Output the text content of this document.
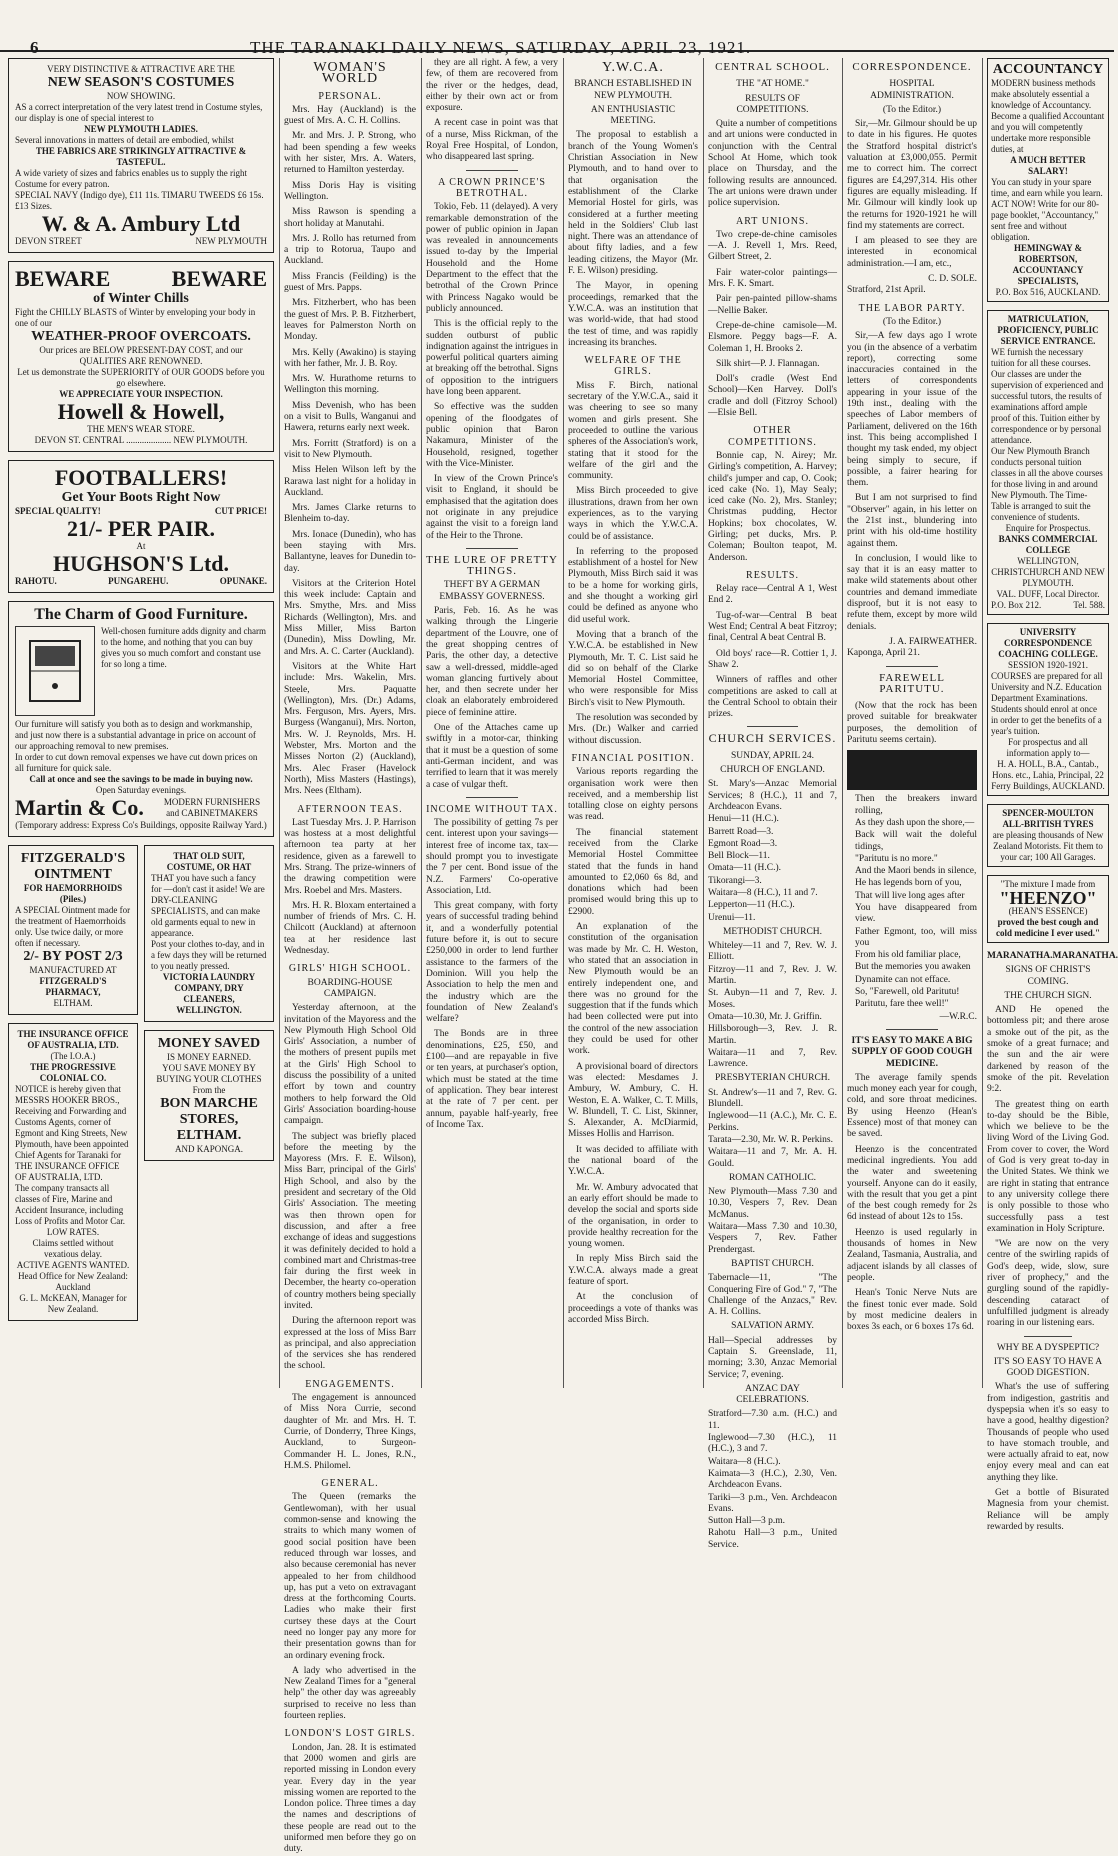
6	THE TARANAKI DAILY NEWS, SATURDAY, APRIL 23, 1921.
VERY DISTINCTIVE & ATTRACTIVE ARE THE
NEW SEASON'S COSTUMES
NOW SHOWING.
AS a correct interpretation of the very latest trend in Costume styles, our display is one of special interest to
NEW PLYMOUTH LADIES.
Several innovations in matters of detail are embodied, whilst
THE FABRICS ARE STRIKINGLY ATTRACTIVE & TASTEFUL.
A wide variety of sizes and fabrics enables us to supply the right Costume for every patron.
SPECIAL NAVY (Indigo dye), £11 11s. TIMARU TWEEDS £6 15s. £13 Sizes.
W. & A. Ambury Ltd
DEVON STREET	NEW PLYMOUTH
BEWARE	BEWARE
of Winter Chills
Fight the CHILLY BLASTS of Winter by enveloping your body in one of our
WEATHER-PROOF OVERCOATS.
Our prices are BELOW PRESENT-DAY COST, and our QUALITIES ARE RENOWNED.
Let us demonstrate the SUPERIORITY of OUR GOODS before you go elsewhere.
WE APPRECIATE YOUR INSPECTION.
Howell & Howell,
THE MEN'S WEAR STORE.
DEVON ST. CENTRAL .................... NEW PLYMOUTH.
FOOTBALLERS!
Get Your Boots Right Now
SPECIAL QUALITY!	CUT PRICE!
21/- PER PAIR.
At
HUGHSON'S Ltd.
RAHOTU.	PUNGAREHU.	OPUNAKE.
The Charm of Good Furniture.
Well-chosen furniture adds dignity and charm to the home, and nothing that you can buy gives you so much comfort and constant use for so long a time.
Our furniture will satisfy you both as to design and workmanship, and just now there is a substantial advantage in price on account of our approaching removal to new premises.
In order to cut down removal expenses we have cut down prices on all furniture for quick sale.
Call at once and see the savings to be made in buying now.
Open Saturday evenings.
Martin & Co.	MODERN FURNISHERS and CABINETMAKERS
(Temporary address: Express Co's Buildings, opposite Railway Yard.)
FITZGERALD'S OINTMENT
FOR HAEMORRHOIDS (Piles.)
A SPECIAL Ointment made for the treatment of Haemorrhoids only. Use twice daily, or more often if necessary.
2/- BY POST 2/3
MANUFACTURED AT
FITZGERALD'S PHARMACY,
ELTHAM.
THE INSURANCE OFFICE OF AUSTRALIA, LTD.
(The I.O.A.)
THE PROGRESSIVE COLONIAL CO.
NOTICE is hereby given that MESSRS HOOKER BROS., Receiving and Forwarding and Customs Agents, corner of Egmont and King Streets, New Plymouth, have been appointed Chief Agents for Taranaki for THE INSURANCE OFFICE OF AUSTRALIA, LTD.
The company transacts all classes of Fire, Marine and Accident Insurance, including Loss of Profits and Motor Car.
LOW RATES.
Claims settled without vexatious delay.
ACTIVE AGENTS WANTED.
Head Office for New Zealand: Auckland
G. L. McKEAN, Manager for New Zealand.
THAT OLD SUIT, COSTUME, OR HAT
THAT you have such a fancy for —don't cast it aside! We are DRY-CLEANING SPECIALISTS, and can make old garments equal to new in appearance.
Post your clothes to-day, and in a few days they will be returned to you neatly pressed.
VICTORIA LAUNDRY COMPANY, DRY CLEANERS, WELLINGTON.
MONEY SAVED
IS MONEY EARNED.
YOU SAVE MONEY BY BUYING YOUR CLOTHES From the
BON MARCHE STORES,
ELTHAM.
AND KAPONGA.
WOMAN'S WORLD
PERSONAL.

Mrs. Hay (Auckland) is the guest of Mrs. A. C. H. Collins.

Mr. and Mrs. J. P. Strong, who had been spending a few weeks with her sister, Mrs. A. Waters, returned to Hamilton yesterday.

Miss Doris Hay is visiting Wellington.

Miss Rawson is spending a short holiday at Manutahi.

Mrs. J. Rollo has returned from a trip to Rotorua, Taupo and Auckland.

Miss Francis (Feilding) is the guest of Mrs. Papps.

Mrs. Fitzherbert, who has been the guest of Mrs. P. B. Fitzherbert, leaves for Palmerston North on Monday.

Mrs. Kelly (Awakino) is staying with her father, Mr. J. B. Roy.

Mrs. W. Hurathome returns to Wellington this morning.

Miss Devenish, who has been on a visit to Bulls, Wanganui and Hawera, returns early next week.

Mrs. Forritt (Stratford) is on a visit to New Plymouth.

Miss Helen Wilson left by the Rarawa last night for a holiday in Auckland.

Mrs. James Clarke returns to Blenheim to-day.

Mrs. Ionace (Dunedin), who has been staying with Mrs. Ballantyne, leaves for Dunedin to-day.

Visitors at the Criterion Hotel this week include: Captain and Mrs. Smythe, Mrs. and Miss Richards (Wellington), Mrs. and Miss Miller, Miss Barton (Dunedin), Miss Dowling, Mr. and Mrs. A. C. Carter (Auckland).

Visitors at the White Hart include: Mrs. Wakelin, Mrs. Steele, Mrs. Paquatte (Wellington), Mrs. (Dr.) Adams, Mrs. Ferguson, Mrs. Ayers, Mrs. Burgess (Wanganui), Mrs. Norton, Mrs. W. J. Reynolds, Mrs. H. Webster, Mrs. Morton and the Misses Norton (2) (Auckland), Mrs. Alec Fraser (Havelock North), Miss Masters (Hastings), Mrs. Nees (Eltham).

AFTERNOON TEAS.

Last Tuesday Mrs. J. P. Harrison was hostess at a most delightful afternoon tea party at her residence, given as a farewell to Mrs. Strang. The prize-winners of the drawing competition were Mrs. Roebel and Mrs. Masters.

Mrs. H. R. Bloxam entertained a number of friends of Mrs. C. H. Chilcott (Auckland) at afternoon tea at her residence last Wednesday.

GIRLS' HIGH SCHOOL.
BOARDING-HOUSE CAMPAIGN.

Yesterday afternoon, at the invitation of the Mayoress and the New Plymouth High School Old Girls' Association, a number of the mothers of present pupils met at the Girls' High School to discuss the possibility of a united effort by town and country mothers to help forward the Old Girls' Association boarding-house campaign.

The subject was briefly placed before the meeting by the Mayoress (Mrs. F. E. Wilson), Miss Barr, principal of the Girls' High School, and also by the president and secretary of the Old Girls' Association. The meeting was then thrown open for discussion, and after a free exchange of ideas and suggestions it was definitely decided to hold a combined mart and Christmas-tree fair during the first week in December, the hearty co-operation of country mothers being specially invited.

During the afternoon report was expressed at the loss of Miss Barr as principal, and also appreciation of the services she has rendered the school.

ENGAGEMENTS.

The engagement is announced of Miss Nora Currie, second daughter of Mr. and Mrs. H. T. Currie, of Donderry, Three Kings, Auckland, to Surgeon-Commander H. L. Jones, R.N., H.M.S. Philomel.

GENERAL.

The Queen (remarks the Gentlewoman), with her usual common-sense and knowing the straits to which many women of good social position have been reduced through war losses, and also because ceremonial has never appealed to her from childhood up, has put a veto on extravagant dress at the forthcoming Courts. Ladies who make their first curtsey these days at the Court need no longer pay any more for their presentation gowns than for an ordinary evening frock.

A lady who advertised in the New Zealand Times for a "general help" the other day was agreeably surprised to receive no less than fourteen replies.

LONDON'S LOST GIRLS.

London, Jan. 28. It is estimated that 2000 women and girls are reported missing in London every year. Every day in the year missing women are reported to the London police. Three times a day the names and descriptions of these people are read out to the uniformed men before they go on duty.

they are all right. A few, a very few, of them are recovered from the river or the hedges, dead, either by their own act or from exposure.

A recent case in point was that of a nurse, Miss Rickman, of the Royal Free Hospital, of London, who disappeared last spring.

A CROWN PRINCE'S BETROTHAL.

Tokio, Feb. 11 (delayed). A very remarkable demonstration of the power of public opinion in Japan was revealed in announcements issued to-day by the Imperial Household and the Home Department to the effect that the betrothal of the Crown Prince with Princess Nagako would be publicly announced.

This is the official reply to the sudden outburst of public indignation against the intrigues in powerful political quarters aiming at breaking off the betrothal. Signs of opposition to the intriguers have long been apparent.

So effective was the sudden opening of the floodgates of public opinion that Baron Nakamura, Minister of the Household, resigned, together with the Vice-Minister.

In view of the Crown Prince's visit to England, it should be emphasised that the agitation does not originate in any prejudice against the visit to a foreign land of the Heir to the Throne.

THE LURE OF PRETTY THINGS.
THEFT BY A GERMAN EMBASSY GOVERNESS.

Paris, Feb. 16. As he was walking through the Lingerie department of the Louvre, one of the great shopping centres of Paris, the other day, a detective saw a well-dressed, middle-aged woman glancing furtively about her, and then secrete under her cloak an elaborately embroidered piece of feminine attire.

One of the Attaches came up swiftly in a motor-car, thinking that it must be a question of some anti-German incident, and was terrified to learn that it was merely a case of vulgar theft.

INCOME WITHOUT TAX.

The possibility of getting 7s per cent. interest upon your savings—interest free of income tax, tax—should prompt you to investigate the 7 per cent. Bond issue of the N.Z. Farmers' Co-operative Association, Ltd.

This great company, with forty years of successful trading behind it, and a wonderfully potential future before it, is out to secure £250,000 in order to lend further assistance to the farmers of the Dominion. Will you help the Association to help the men and the industry which are the foundation of New Zealand's welfare?

The Bonds are in three denominations, £25, £50, and £100—and are repayable in five or ten years, at purchaser's option, which must be stated at the time of application. They bear interest at the rate of 7 per cent. per annum, payable half-yearly, free of Income Tax.

Y.W.C.A.
BRANCH ESTABLISHED IN NEW PLYMOUTH.
AN ENTHUSIASTIC MEETING.

The proposal to establish a branch of the Young Women's Christian Association in New Plymouth, and to hand over to that organisation the establishment of the Clarke Memorial Hostel for girls, was considered at a further meeting held in the Soldiers' Club last night. There was an attendance of about fifty ladies, and a few leading citizens, the Mayor (Mr. F. E. Wilson) presiding.

The Mayor, in opening proceedings, remarked that the Y.W.C.A. was an institution that was world-wide, that had stood the test of time, and was rapidly increasing its branches.

WELFARE OF THE GIRLS.

Miss F. Birch, national secretary of the Y.W.C.A., said it was cheering to see so many women and girls present. She proceeded to outline the various spheres of the Association's work, stating that it stood for the welfare of the girl and the community.

Miss Birch proceeded to give illustrations, drawn from her own experiences, as to the varying ways in which the Y.W.C.A. could be of assistance.

In referring to the proposed establishment of a hostel for New Plymouth, Miss Birch said it was to be a home for working girls, and she thought a working girl could be defined as anyone who did useful work.

Moving that a branch of the Y.W.C.A. be established in New Plymouth, Mr. T. C. List said he did so on behalf of the Clarke Memorial Hostel Committee, who were responsible for Miss Birch's visit to New Plymouth.

The resolution was seconded by Mrs. (Dr.) Walker and carried without discussion.

FINANCIAL POSITION.

Various reports regarding the organisation work were then received, and a membership list totalling close on eighty persons was read.

The financial statement received from the Clarke Memorial Hostel Committee stated that the funds in hand amounted to £2,060 6s 8d, and donations which had been promised would bring this up to £2900.

An explanation of the constitution of the organisation was made by Mr. C. H. Weston, who stated that an association in New Plymouth would be an entirely independent one, and there was no ground for the suggestion that if the funds which had been collected were put into the control of the new association they could be used for other work.

A provisional board of directors was elected: Mesdames J. Ambury, W. Ambury, C. H. Weston, E. A. Walker, C. T. Mills, W. Blundell, T. C. List, Skinner, S. Alexander, A. McDiarmid, Misses Hollis and Harrison.

It was decided to affiliate with the national board of the Y.W.C.A.

Mr. W. Ambury advocated that an early effort should be made to develop the social and sports side of the organisation, in order to provide healthy recreation for the young women.

In reply Miss Birch said the Y.W.C.A. always made a great feature of sport.

At the conclusion of proceedings a vote of thanks was accorded Miss Birch.

CENTRAL SCHOOL.
THE "AT HOME."
RESULTS OF COMPETITIONS.

Quite a number of competitions and art unions were conducted in conjunction with the Central School At Home, which took place on Thursday, and the following results are announced. The art unions were drawn under police supervision.

ART UNIONS.

Two crepe-de-chine camisoles—A. J. Revell 1, Mrs. Reed, Gilbert Street, 2.

Fair water-color paintings—Mrs. F. K. Smart.

Pair pen-painted pillow-shams—Nellie Baker.

Crepe-de-chine camisole—M. Elsmore. Peggy bags—F. A. Coleman 1, H. Brooks 2.

Silk shirt—P. J. Flannagan.

Doll's cradle (West End School)—Ken Harvey. Doll's cradle and doll (Fitzroy School)—Elsie Bell.

OTHER COMPETITIONS.

Bonnie cap, N. Airey; Mr. Girling's competition, A. Harvey; child's jumper and cap, O. Cook; iced cake (No. 1), May Sealy; iced cake (No. 2), Mrs. Stanley; Christmas pudding, Hector Hopkins; box chocolates, W. Girling; pet ducks, Mrs. P. Coleman; Boulton teapot, M. Anderson.

RESULTS.

Relay race—Central A 1, West End 2.

Tug-of-war—Central B beat West End; Central A beat Fitzroy; final, Central A beat Central B.

Old boys' race—R. Cottier 1, J. Shaw 2.

Winners of raffles and other competitions are asked to call at the Central School to obtain their prizes.

CHURCH SERVICES.
SUNDAY, APRIL 24.
CHURCH OF ENGLAND.

St. Mary's—Anzac Memorial Services; 8 (H.C.), 11 and 7, Archdeacon Evans.

Henui—11 (H.C.).

Barrett Road—3.

Egmont Road—3.

Bell Block—11.

Omata—11 (H.C.).

Tikorangi—3.

Waitara—8 (H.C.), 11 and 7.

Lepperton—11 (H.C.).

Urenui—11.

METHODIST CHURCH.

Whiteley—11 and 7, Rev. W. J. Elliott.

Fitzroy—11 and 7, Rev. J. W. Martin.

St. Aubyn—11 and 7, Rev. J. Moses.

Omata—10.30, Mr. J. Griffin.

Hillsborough—3, Rev. J. R. Martin.

Waitara—11 and 7, Rev. Lawrence.

PRESBYTERIAN CHURCH.

St. Andrew's—11 and 7, Rev. G. Blundell.

Inglewood—11 (A.C.), Mr. C. E. Perkins.

Tarata—2.30, Mr. W. R. Perkins.

Waitara—11 and 7, Mr. A. H. Gould.

ROMAN CATHOLIC.

New Plymouth—Mass 7.30 and 10.30, Vespers 7, Rev. Dean McManus.

Waitara—Mass 7.30 and 10.30, Vespers 7, Rev. Father Prendergast.

BAPTIST CHURCH.

Tabernacle—11, "The Conquering Fire of God." 7, "The Challenge of the Anzacs," Rev. A. H. Collins.

SALVATION ARMY.

Hall—Special addresses by Captain S. Greenslade, 11, morning; 3.30, Anzac Memorial Service; 7, evening.

ANZAC DAY CELEBRATIONS.

Stratford—7.30 a.m. (H.C.) and 11.

Inglewood—7.30 (H.C.), 11 (H.C.), 3 and 7.

Waitara—8 (H.C.).

Kaimata—3 (H.C.), 2.30, Ven. Archdeacon Evans.

Tariki—3 p.m., Ven. Archdeacon Evans.

Sutton Hall—3 p.m.

Rahotu Hall—3 p.m., United Service.

CORRESPONDENCE.
HOSPITAL ADMINISTRATION.
(To the Editor.)

Sir,—Mr. Gilmour should be up to date in his figures. He quotes the Stratford hospital district's valuation at £3,000,055. Permit me to correct him. The correct figures are £4,297,314. His other figures are equally misleading. If Mr. Gilmour will kindly look up the returns for 1920-1921 he will find my statements are correct.

I am pleased to see they are interested in economical administration.—I am, etc.,

C. D. SOLE.
Stratford, 21st April.
THE LABOR PARTY.
(To the Editor.)

Sir,—A few days ago I wrote you (in the absence of a verbatim report), correcting some inaccuracies contained in the letters of correspondents appearing in your issue of the 19th inst., dealing with the speeches of Labor members of Parliament, delivered on the 16th inst. This being accomplished I thought my task ended, my object being simply to secure, if possible, a fairer hearing for them.

But I am not surprised to find "Observer" again, in his letter on the 21st inst., blundering into print with his old-time hostility against them.

In conclusion, I would like to say that it is an easy matter to make wild statements about other countries and demand immediate disproof, but it is not easy to refute them, except by more wild denials.

J. A. FAIRWEATHER.
Kaponga, April 21.
FAREWELL PARITUTU.

(Now that the rock has been proved suitable for breakwater purposes, the demolition of Paritutu seems certain).

Then the breakers inward rolling,

As they dash upon the shore,—

Back will wait the doleful tidings,

"Paritutu is no more."

And the Maori bends in silence,

He has legends born of you,

That will live long ages after

You have disappeared from view.

Father Egmont, too, will miss you

From his old familiar place,

But the memories you awaken

Dynamite can not efface.

So, "Farewell, old Paritutu!

Paritutu, fare thee well!"

—W.R.C.
IT'S EASY TO MAKE A BIG SUPPLY OF GOOD COUGH MEDICINE.

The average family spends much money each year for cough, cold, and sore throat medicines. By using Heenzo (Hean's Essence) most of that money can be saved.

Heenzo is the concentrated medicinal ingredients. You add the water and sweetening yourself. Anyone can do it easily, with the result that you get a pint of the best cough remedy for 2s 6d instead of about 12s to 15s.

Heenzo is used regularly in thousands of homes in New Zealand, Tasmania, Australia, and adjacent islands by all classes of people.

Hean's Tonic Nerve Nuts are the finest tonic ever made. Sold by most medicine dealers in boxes 3s each, or 6 boxes 17s 6d.

ACCOUNTANCY
MODERN business methods make absolutely essential a knowledge of Accountancy.
Become a qualified Accountant and you will competently undertake more responsible duties, at
A MUCH BETTER SALARY!
You can study in your spare time, and earn while you learn.
ACT NOW! Write for our 80-page booklet, "Accountancy," sent free and without obligation.
HEMINGWAY & ROBERTSON, ACCOUNTANCY SPECIALISTS,
P.O. Box 516, AUCKLAND.
MATRICULATION, PROFICIENCY, PUBLIC SERVICE ENTRANCE.
WE furnish the necessary tuition for all these courses. Our classes are under the supervision of experienced and successful tutors, the results of examinations afford ample proof of this. Tuition either by correspondence or by personal attendance.
Our New Plymouth Branch conducts personal tuition classes in all the above courses for those living in and around New Plymouth. The Time-Table is arranged to suit the convenience of students.
Enquire for Prospectus.
BANKS COMMERCIAL COLLEGE
WELLINGTON, CHRISTCHURCH AND NEW PLYMOUTH.
VAL. DUFF, Local Director.
P.O. Box 212.	Tel. 588.
UNIVERSITY CORRESPONDENCE COACHING COLLEGE.
SESSION 1920-1921.
COURSES are prepared for all University and N.Z. Education Department Examinations. Students should enrol at once in order to get the benefits of a year's tuition.
For prospectus and all information apply to—
H. A. HOLL, B.A., Cantab., Hons. etc., Lahia, Principal, 22 Ferry Buildings, AUCKLAND.
SPENCER-MOULTON ALL-BRITISH TYRES
are pleasing thousands of New Zealand Motorists. Fit them to your car; 100 All Garages.
"The mixture I made from
"HEENZO"
(HEAN'S ESSENCE)
proved the best cough and cold medicine I ever used."
MARANATHA. MARANATHA.
SIGNS OF CHRIST'S COMING.
THE CHURCH SIGN.

AND He opened the bottomless pit; and there arose a smoke out of the pit, as the smoke of a great furnace; and the sun and the air were darkened by reason of the smoke of the pit. Revelation 9:2.

The greatest thing on earth to-day should be the Bible, which we believe to be the living Word of the Living God. From cover to cover, the Word of God is very great to-day in the United States. We think we are right in stating that entrance to any university college there is only possible to those who successfully pass a test examination in Holy Scripture.

"We are now on the very centre of the swirling rapids of God's deep, wide, slow, sure river of prophecy," and the gurgling sound of the rapidly-descending cataract of unfulfilled judgment is already roaring in our listening ears.

WHY BE A DYSPEPTIC?
IT'S SO EASY TO HAVE A GOOD DIGESTION.

What's the use of suffering from indigestion, gastritis and dyspepsia when it's so easy to have a good, healthy digestion? Thousands of people who used to have stomach trouble, and were actually afraid to eat, now enjoy every meal and can eat anything they like.

Get a bottle of Bisurated Magnesia from your chemist. Reliance will be amply rewarded by results.
